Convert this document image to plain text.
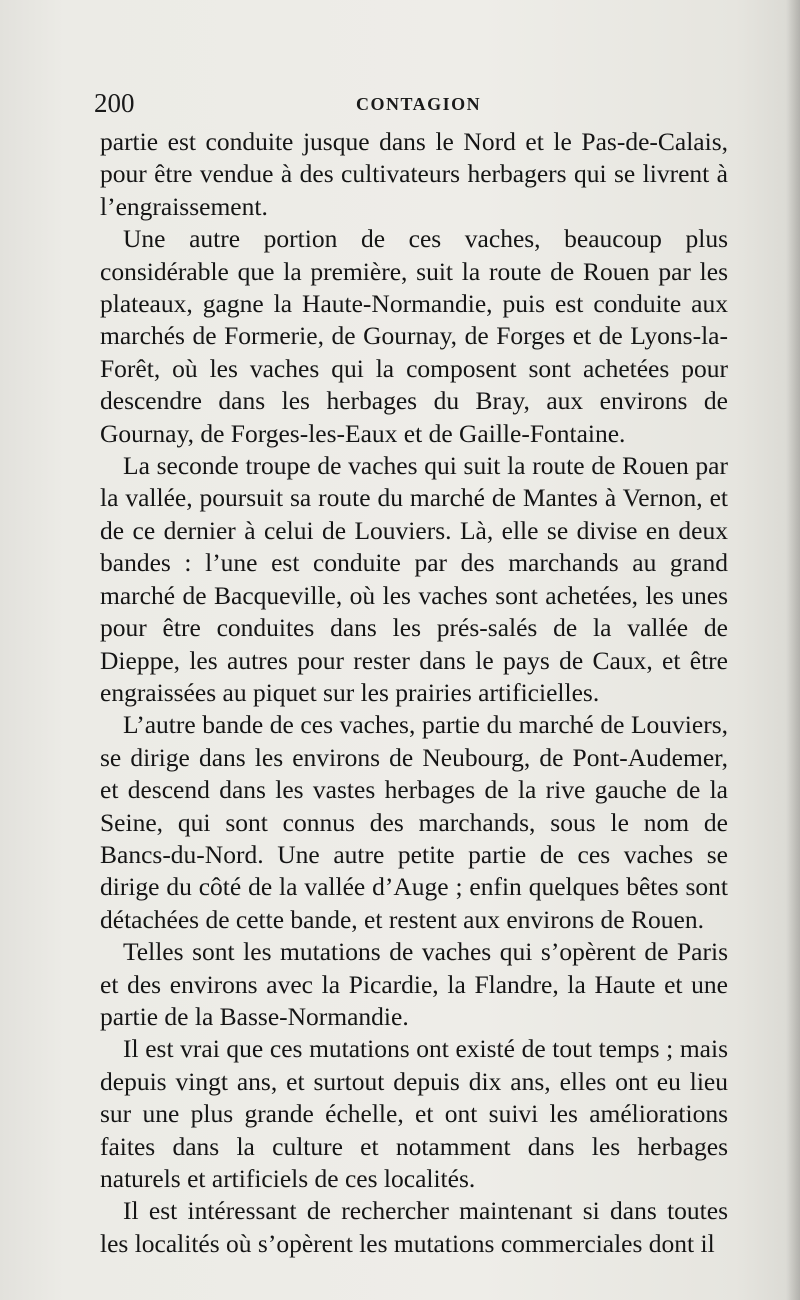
200	CONTAGION

partie est conduite jusque dans le Nord et le Pas-de-Calais, pour être vendue à des cultivateurs herbagers qui se livrent à l’engraissement.

Une autre portion de ces vaches, beaucoup plus considérable que la première, suit la route de Rouen par les plateaux, gagne la Haute-Normandie, puis est conduite aux marchés de Formerie, de Gournay, de Forges et de Lyons-la-Forêt, où les vaches qui la composent sont achetées pour descendre dans les herbages du Bray, aux environs de Gournay, de Forges-les-Eaux et de Gaille-Fontaine.

La seconde troupe de vaches qui suit la route de Rouen par la vallée, poursuit sa route du marché de Mantes à Vernon, et de ce dernier à celui de Louviers. Là, elle se divise en deux bandes : l’une est conduite par des marchands au grand marché de Bacqueville, où les vaches sont achetées, les unes pour être conduites dans les prés-salés de la vallée de Dieppe, les autres pour rester dans le pays de Caux, et être engraissées au piquet sur les prairies artificielles.

L’autre bande de ces vaches, partie du marché de Louviers, se dirige dans les environs de Neubourg, de Pont-Audemer, et descend dans les vastes herbages de la rive gauche de la Seine, qui sont connus des marchands, sous le nom de Bancs-du-Nord. Une autre petite partie de ces vaches se dirige du côté de la vallée d’Auge ; enfin quelques bêtes sont détachées de cette bande, et restent aux environs de Rouen.

Telles sont les mutations de vaches qui s’opèrent de Paris et des environs avec la Picardie, la Flandre, la Haute et une partie de la Basse-Normandie.

Il est vrai que ces mutations ont existé de tout temps ; mais depuis vingt ans, et surtout depuis dix ans, elles ont eu lieu sur une plus grande échelle, et ont suivi les améliorations faites dans la culture et notamment dans les herbages naturels et artificiels de ces localités.

Il est intéressant de rechercher maintenant si dans toutes les localités où s’opèrent les mutations commerciales dont il
